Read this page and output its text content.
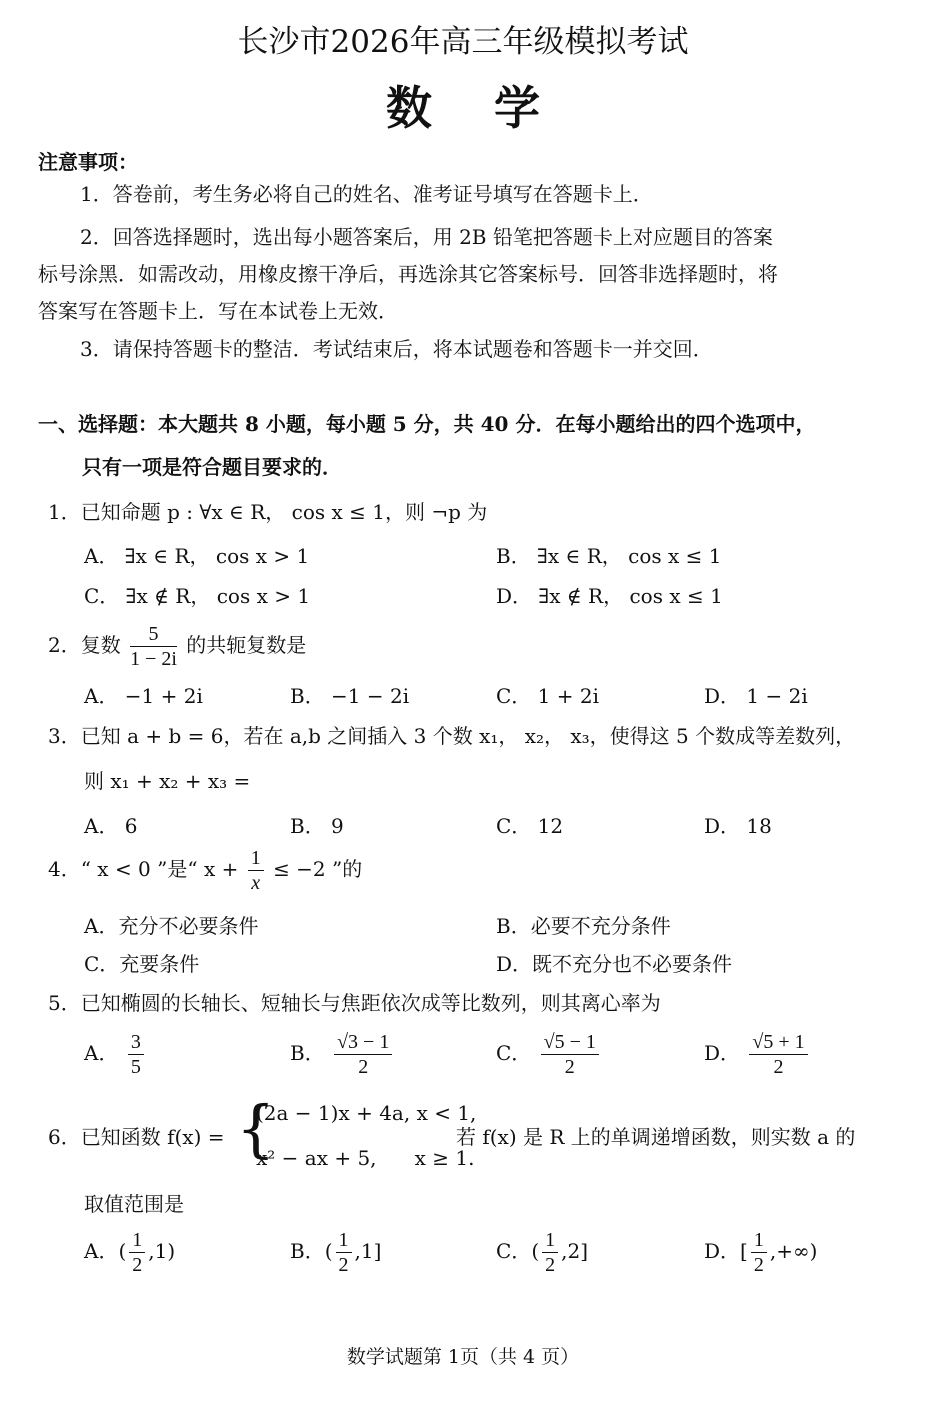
长沙市2026年高三年级模拟考试
数学
注意事项：
1．答卷前，考生务必将自己的姓名、准考证号填写在答题卡上．
2．回答选择题时，选出每小题答案后，用 2B 铅笔把答题卡上对应题目的答案
标号涂黑．如需改动，用橡皮擦干净后，再选涂其它答案标号．回答非选择题时，将
答案写在答题卡上．写在本试卷上无效．
3．请保持答题卡的整洁．考试结束后，将本试题卷和答题卡一并交回．
一、选择题：本大题共 8 小题，每小题 5 分，共 40 分．在每小题给出的四个选项中，
只有一项是符合题目要求的．
1．已知命题 p : ∀x ∈ R， cos x ≤ 1，则 ¬p 为
A． ∃x ∈ R， cos x > 1	B． ∃x ∈ R， cos x ≤ 1
C． ∃x ∉ R， cos x > 1	D． ∃x ∉ R， cos x ≤ 1
2．复数 $\frac{5}{1 - 2i}$ 的共轭复数是
A． −1 + 2i	B． −1 − 2i	C． 1 + 2i	D． 1 − 2i
3．已知 a + b = 6，若在 a,b 之间插入 3 个数 x₁， x₂， x₃，使得这 5 个数成等差数列，
则 x₁ + x₂ + x₃ =
A． 6	B． 9	C． 12	D． 18
4．“ x < 0 ”是“ $x + \frac{1}{x} \le -2$ ”的
A．充分不必要条件	B．必要不充分条件
C．充要条件	D．既不充分也不必要条件
5．已知椭圆的长轴长、短轴长与焦距依次成等比数列，则其离心率为
A． $\frac{3}{5}$	B． $\frac{√3 - 1}{2}$	C． $\frac{√5 - 1}{2}$	D． $\frac{√5 + 1}{2}$
6．已知函数 f(x) = {
(2a − 1)x + 4a, x < 1,
x² − ax + 5,      x ≥ 1.
若 f(x) 是 R 上的单调递增函数，则实数 a 的
取值范围是
A．( $\frac{1}{2} ,1$)	B．( $\frac{1}{2} ,1$]	C．( $\frac{1}{2} ,2$]	D．[ $\frac{1}{2}$ ,+∞)
数学试题第 1页（共 4 页）
